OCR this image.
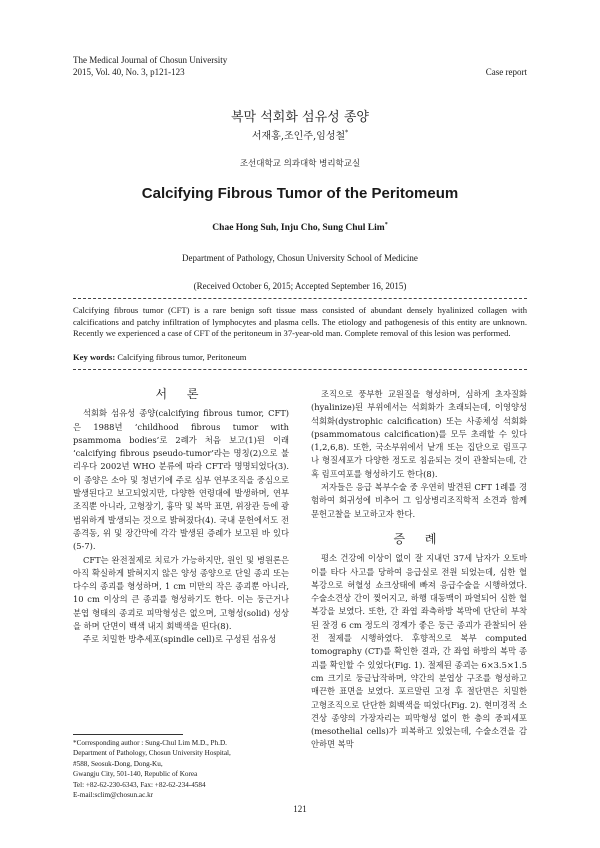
The Medical Journal of Chosun University
2015, Vol. 40, No. 3, p121-123	Case report
복막 석회화 섬유성 종양
서재홍,조인주,임성철*
조선대학교 의과대학 병리학교실
Calcifying Fibrous Tumor of the Peritomeum
Chae Hong Suh, Inju Cho, Sung Chul Lim*
Department of Pathology, Chosun University School of Medicine
(Received October 6, 2015; Accepted September 16, 2015)
Calcifying fibrous tumor (CFT) is a rare benign soft tissue mass consisted of abundant densely hyalinized collagen with calcifications and patchy infiltration of lymphocytes and plasma cells. The etiology and pathogenesis of this entity are unknown. Recently we experienced a case of CFT of the peritoneum in 37-year-old man. Complete removal of this lesion was performed.
Key words: Calcifying fibrous tumor, Peritoneum
서 론

석회화 섬유성 종양(calcifying fibrous tumor, CFT)은 1988년 ‘childhood fibrous tumor with psammoma bodies’로 2례가 처음 보고(1)된 이래 ‘calcifying fibrous pseudo-tumor’라는 명칭(2)으로 불리우다 2002년 WHO 분류에 따라 CFT라 명명되었다(3). 이 종양은 소아 및 청년기에 주로 심부 연부조직을 중심으로 발생된다고 보고되었지만, 다양한 연령대에 발생하며, 연부조직뿐 아니라, 고형장기, 흉막 및 복막 표면, 위장관 등에 광범위하게 발생되는 것으로 밝혀졌다(4). 국내 문헌에서도 전종격동, 위 및 장간막에 각각 발생된 증례가 보고된 바 있다(5-7).

CFT는 완전절제로 치료가 가능하지만, 원인 및 병원론은 아직 확실하게 밝혀지지 않은 양성 종양으로 단일 종괴 또는 다수의 종괴를 형성하며, 1 cm 미만의 작은 종괴뿐 아니라, 10 cm 이상의 큰 종괴를 형성하기도 한다. 이는 둥근거나 분엽 형태의 종괴로 피막형성은 없으며, 고형성(solid) 성상을 하며 단면이 백색 내지 회백색을 띤다(8).

주로 치밀한 방추세포(spindle cell)로 구성된 섬유성

조직으로 풍부한 교원질을 형성하며, 심하게 초자질화(hyalinize)된 부위에서는 석회화가 초래되는데, 이영양성 석회화(dystrophic calcification) 또는 사종체성 석회화(psammomatous calcification)를 모두 초래할 수 있다(1,2,6,8). 또한, 국소부위에서 낱개 또는 집단으로 림프구나 형질세포가 다양한 정도로 침윤되는 것이 관찰되는데, 간혹 림프여포를 형성하기도 한다(8).

저자들은 응급 복부수술 중 우연히 발견된 CFT 1례를 경험하여 회귀성에 비추어 그 임상병리조직학적 소견과 함께 문헌고찰을 보고하고자 한다.

증 례

평소 건강에 이상이 없이 잘 지내던 37세 남자가 오토바이를 타다 사고를 당하여 응급실로 전원 되었는데, 심한 혈복강으로 허혈성 쇼크상태에 빠져 응급수술을 시행하였다. 수술소견상 간이 찢어지고, 하행 대동맥이 파열되어 심한 혈복강을 보였다. 또한, 간 좌엽 좌측하방 복막에 단단히 부착된 잘경 6 cm 정도의 경계가 좋은 둥근 종괴가 관찰되어 완전 절제를 시행하였다. 후향적으로 복부 computed tomography (CT)를 확인한 결과, 간 좌엽 하방의 복막 종괴를 확인할 수 있었다(Fig. 1). 절제된 종괴는 6×3.5×1.5 cm 크기로 둥글납작하며, 약간의 분엽상 구조를 형성하고 매끈한 표면을 보였다. 포르말린 고정 후 절단면은 치밀한 고형조직으로 단단한 회백색을 띠었다(Fig. 2). 현미경적 소견상 종양의 가장자리는 피막형성 없이 한 층의 중피세포(mesothelial cells)가 피복하고 있었는데, 수술소견을 감안하면 복막

*Corresponding author : Sung-Chul Lim M.D., Ph.D.
Department of Pathology, Chosun University Hospital,
#588, Seosuk-Dong, Dong-Ku,
Gwangju City, 501-140, Republic of Korea
Tel: +82-62-230-6343, Fax: +82-62-234-4584
E-mail:sclim@chosun.ac.kr
121
